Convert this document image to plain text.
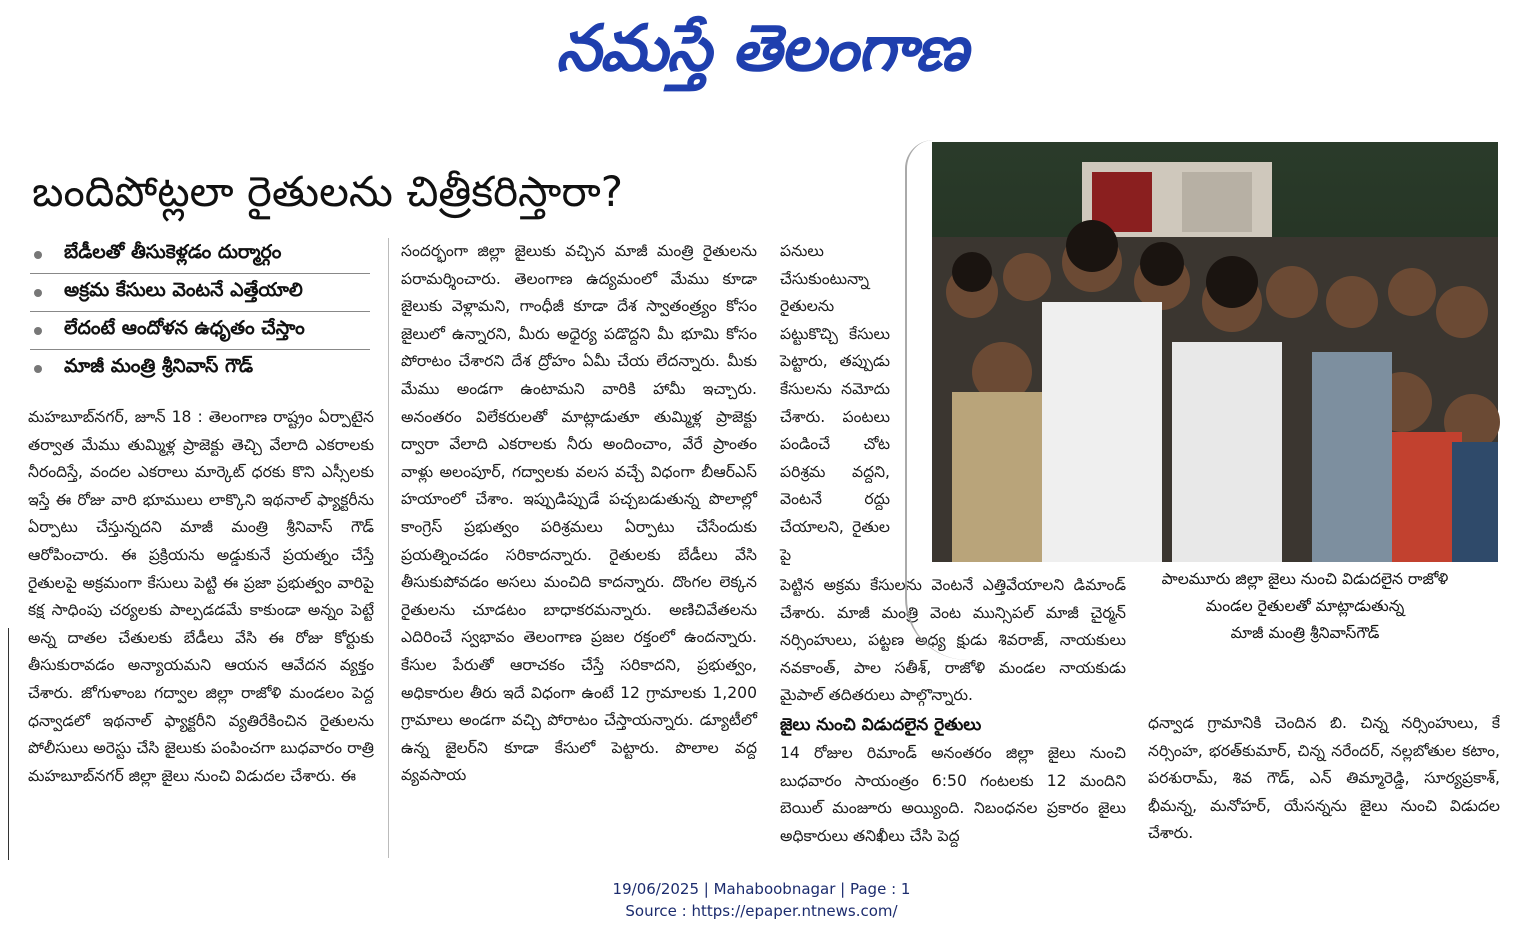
నమస్తే తెలంగాణ
బందిపోట్లలా రైతులను చిత్రీకరిస్తారా?
బేడీలతో తీసుకెళ్లడం దుర్మార్గం
అక్రమ కేసులు వెంటనే ఎత్తేయాలి
లేదంటే ఆందోళన ఉధృతం చేస్తాం
మాజీ మంత్రి శ్రీనివాస్ గౌడ్

మహబూబ్‌నగర్, జూన్ 18 : తెలంగాణ రాష్ట్రం ఏర్పాటైన తర్వాత మేము తుమ్మిళ్ల ప్రాజెక్టు తెచ్చి వేలాది ఎకరాలకు నీరందిస్తే, వందల ఎకరాలు మార్కెట్ ధరకు కొని ఎస్సీలకు ఇస్తే ఈ రోజు వారి భూములు లాక్కొని ఇథనాల్ ఫ్యాక్టరీను ఏర్పాటు చేస్తున్నదని మాజీ మంత్రి శ్రీనివాస్ గౌడ్ ఆరోపించారు. ఈ ప్రక్రియను అడ్డుకునే ప్రయత్నం చేస్తే రైతులపై అక్రమంగా కేసులు పెట్టి ఈ ప్రజా ప్రభుత్వం వారిపై కక్ష సాధింపు చర్యలకు పాల్పడడమే కాకుండా అన్నం పెట్టే అన్న దాతల చేతులకు బేడీలు వేసి ఈ రోజు కోర్టుకు తీసుకురావడం అన్యాయమని ఆయన ఆవేదన వ్యక్తం చేశారు. జోగుళాంబ గద్వాల జిల్లా రాజోళి మండలం పెద్ద ధన్వాడలో ఇథనాల్ ఫ్యాక్టరీని వ్యతిరేకించిన రైతులను పోలీసులు అరెస్టు చేసి జైలుకు పంపించగా బుధవారం రాత్రి మహబూబ్‌నగర్ జిల్లా జైలు నుంచి విడుదల చేశారు. ఈ

సందర్భంగా జిల్లా జైలుకు వచ్చిన మాజీ మంత్రి రైతులను పరామర్శించారు. తెలంగాణ ఉద్యమంలో మేము కూడా జైలుకు వెళ్లామని, గాంధీజీ కూడా దేశ స్వాతంత్ర్యం కోసం జైలులో ఉన్నారని, మీరు అధైర్య పడొద్దని మీ భూమి కోసం పోరాటం చేశారని దేశ ద్రోహం ఏమీ చేయ లేదన్నారు. మీకు మేము అండగా ఉంటామని వారికి హామీ ఇచ్చారు. అనంతరం విలేకరులతో మాట్లాడుతూ తుమ్మిళ్ల ప్రాజెక్టు ద్వారా వేలాది ఎకరాలకు నీరు అందించాం, వేరే ప్రాంతం వాళ్లు అలంపూర్, గద్వాలకు వలస వచ్చే విధంగా బీఆర్‌ఎస్ హయాంలో చేశాం. ఇప్పుడిప్పుడే పచ్చబడుతున్న పొలాల్లో కాంగ్రెస్ ప్రభుత్వం పరిశ్రమలు ఏర్పాటు చేసేందుకు ప్రయత్నించడం సరికాదన్నారు. రైతులకు బేడీలు వేసి తీసుకుపోవడం అసలు మంచిది కాదన్నారు. దొంగల లెక్కన రైతులను చూడటం బాధాకరమన్నారు. అణిచివేతలను ఎదిరించే స్వభావం తెలంగాణ ప్రజల రక్తంలో ఉందన్నారు. కేసుల పేరుతో ఆరాచకం చేస్తే సరికాదని, ప్రభుత్వం, అధికారుల తీరు ఇదే విధంగా ఉంటే 12 గ్రామాలకు 1,200 గ్రామాలు అండగా వచ్చి పోరాటం చేస్తాయన్నారు. డ్యూటీలో ఉన్న జైలర్‌ని కూడా కేసులో పెట్టారు. పొలాల వద్ద వ్యవసాయ

పనులు చేసుకుంటున్నా రైతులను పట్టుకొచ్చి కేసులు పెట్టారు, తప్పుడు కేసులను నమోదు చేశారు. పంటలు పండించే చోట పరిశ్రమ వద్దని, వెంటనే రద్దు చేయాలని, రైతుల పై

పెట్టిన అక్రమ కేసులను వెంటనే ఎత్తివేయాలని డిమాండ్ చేశారు. మాజీ మంత్రి వెంట మున్సిపల్ మాజీ చైర్మన్ నర్సింహులు, పట్టణ అధ్య క్షుడు శివరాజ్, నాయకులు నవకాంత్, పాల సతీశ్, రాజోళి మండల నాయకుడు మైపాల్ తదితరులు పాల్గొన్నారు.

జైలు నుంచి విడుదలైన రైతులు

14 రోజుల రిమాండ్ అనంతరం జిల్లా జైలు నుంచి బుధవారం సాయంత్రం 6:50 గంటలకు 12 మందిని బెయిల్ మంజూరు అయ్యింది. నిబంధనల ప్రకారం జైలు అధికారులు తనిఖీలు చేసి పెద్ద

ధన్వాడ గ్రామానికి చెందిన బి. చిన్న నర్సింహులు, కే నర్సింహ, భరత్‌కుమార్, చిన్న నరేందర్, నల్లబోతుల కటాం, పరశురామ్, శివ గౌడ్, ఎన్ తిమ్మారెడ్డి, సూర్యప్రకాశ్, భీమన్న, మనోహర్, యేసన్నను జైలు నుంచి విడుదల చేశారు.

పాలమూరు జిల్లా జైలు నుంచి విడుదలైన రాజోళి
మండల రైతులతో మాట్లాడుతున్న
మాజీ మంత్రి శ్రీనివాస్‌గౌడ్
19/06/2025 | Mahaboobnagar | Page : 1
Source : https://epaper.ntnews.com/
